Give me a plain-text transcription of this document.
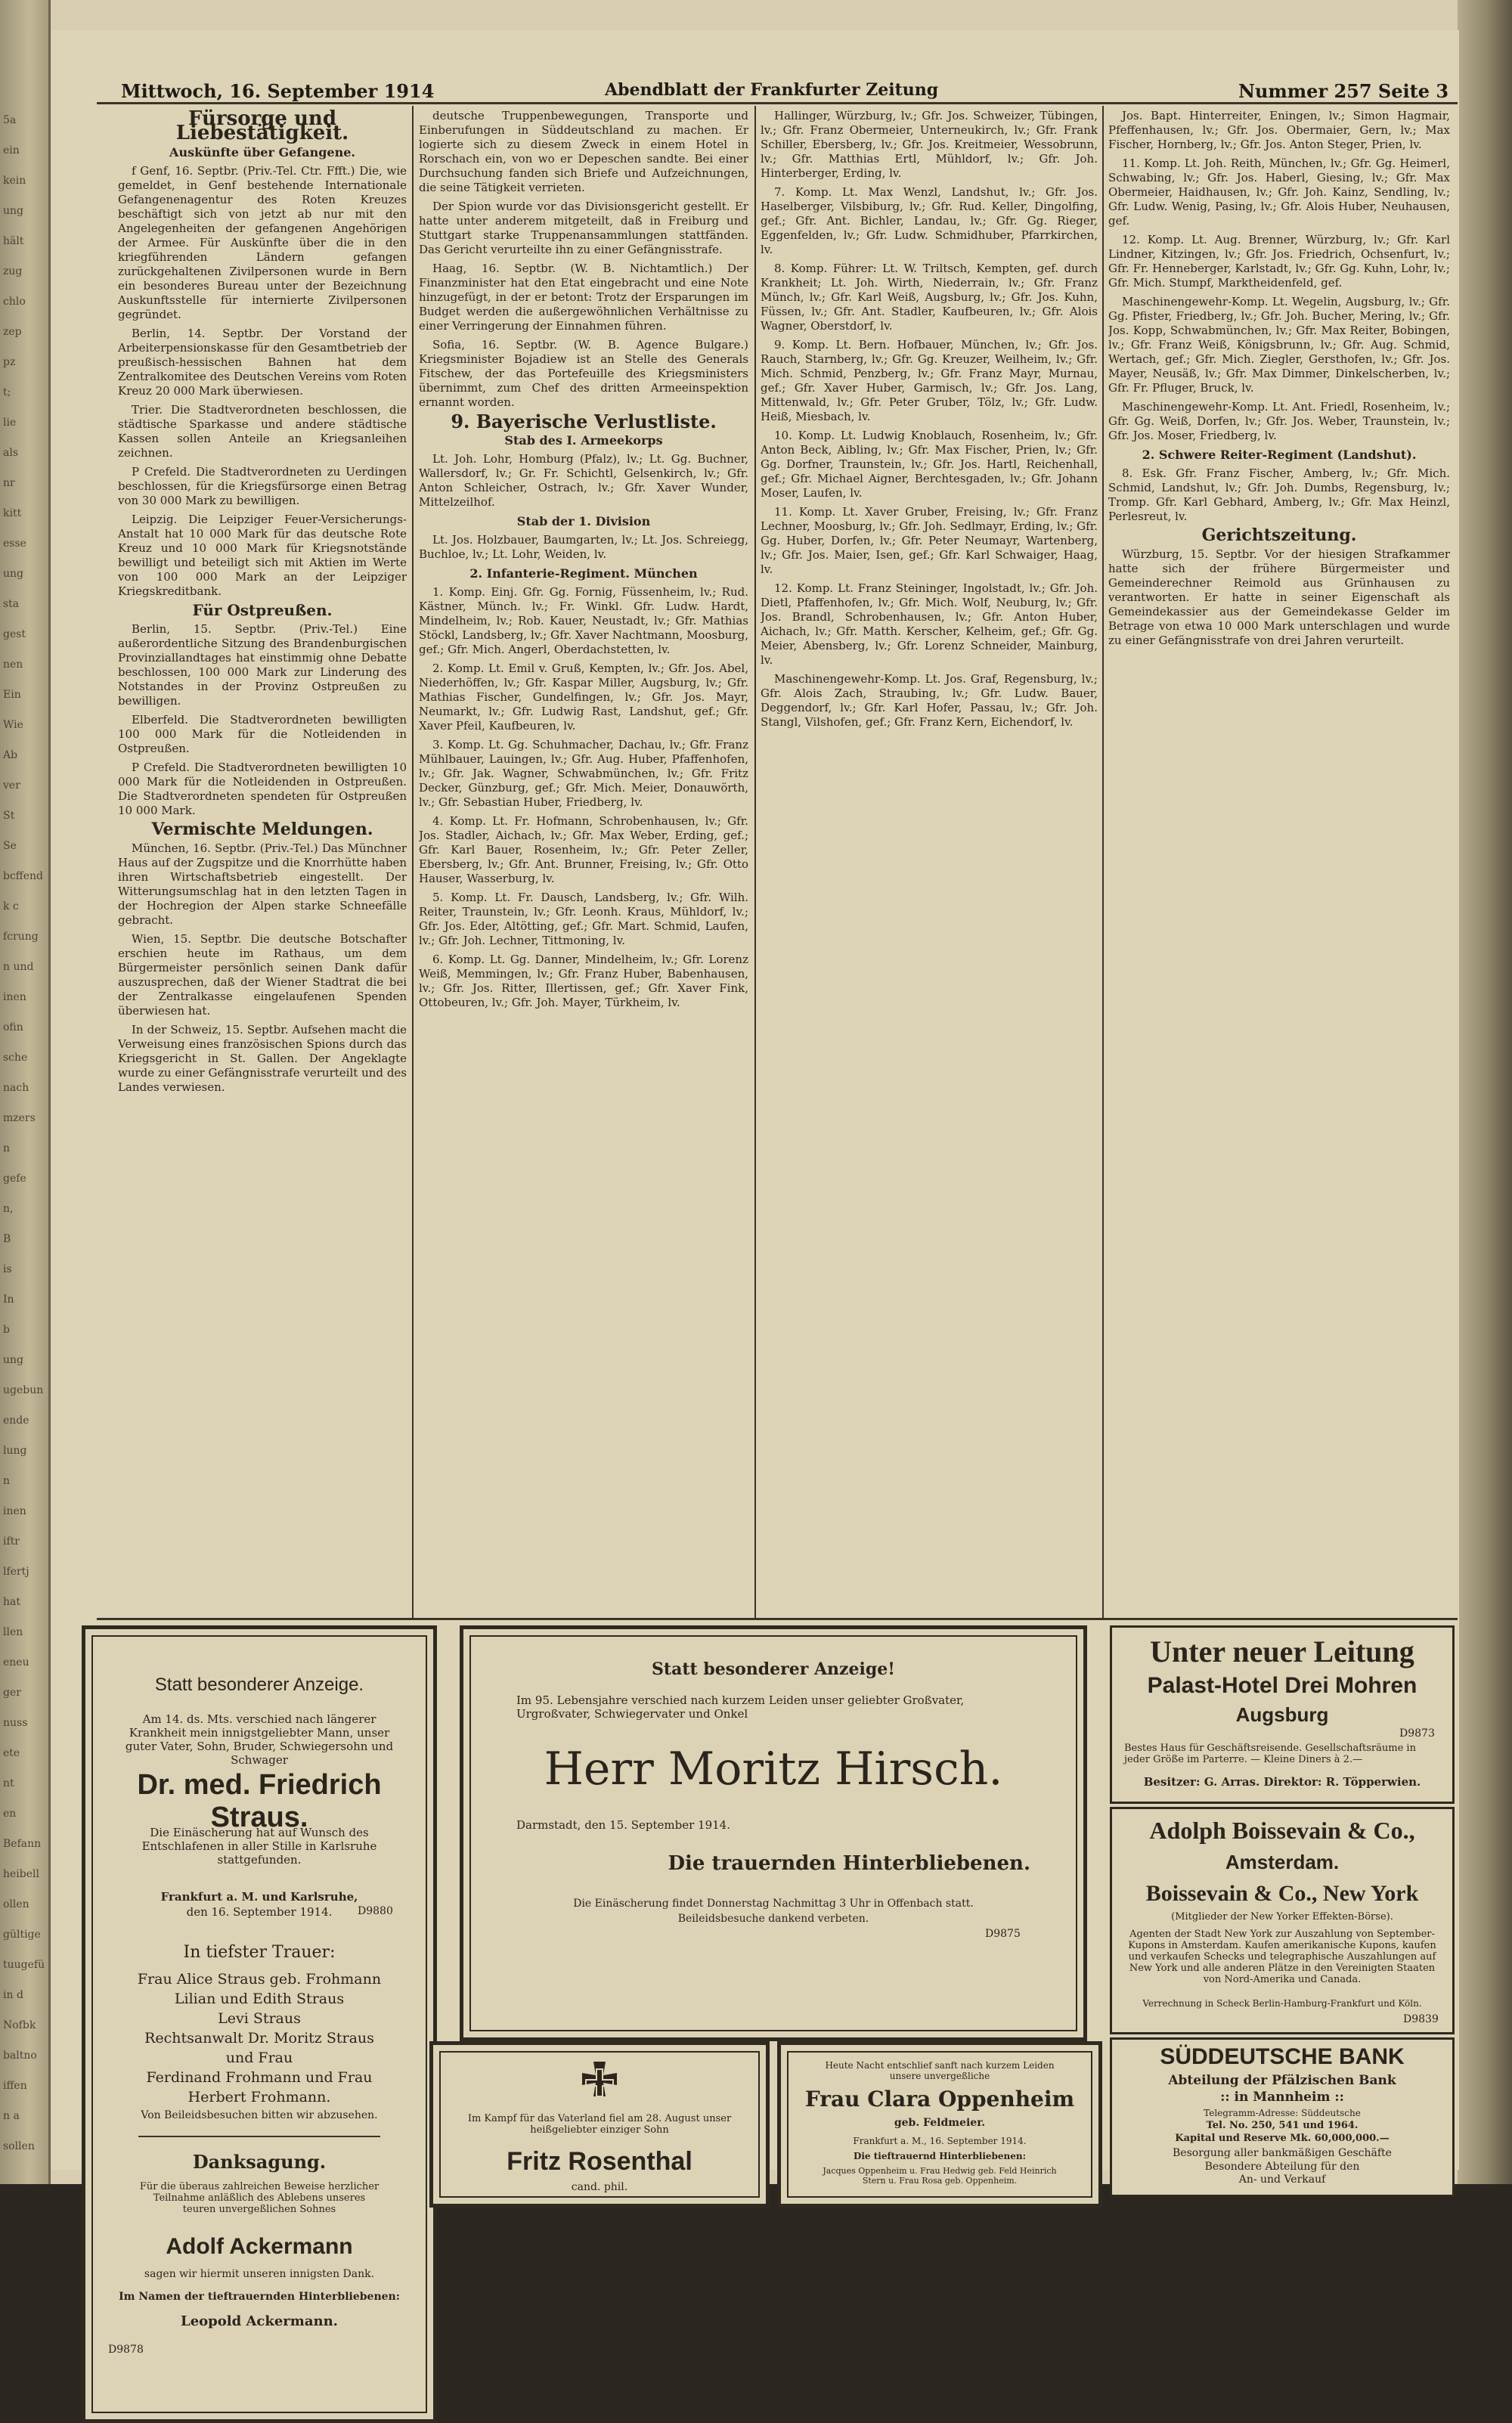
Mittwoch, 16. September 1914	Abendblatt der Frankfurter Zeitung	Nummer 257 Seite 3
Fürsorge und Liebestätigkeit.
Auskünfte über Gefangene.

f Genf, 16. Septbr. (Priv.-Tel. Ctr. Ffft.) Die, wie gemeldet, in Genf bestehende Internationale Gefangenenagentur des Roten Kreuzes beschäftigt sich von jetzt ab nur mit den Angelegenheiten der gefangenen Angehörigen der Armee. Für Auskünfte über die in den kriegführenden Ländern gefangen zurückgehaltenen Zivilpersonen wurde in Bern ein besonderes Bureau unter der Bezeichnung Auskunftsstelle für internierte Zivilpersonen gegründet.

Berlin, 14. Septbr. Der Vorstand der Arbeiterpensionskasse für den Gesamtbetrieb der preußisch-hessischen Bahnen hat dem Zentralkomitee des Deutschen Vereins vom Roten Kreuz 20 000 Mark überwiesen.

Trier. Die Stadtverordneten beschlossen, die städtische Sparkasse und andere städtische Kassen sollen Anteile an Kriegsanleihen zeichnen.

P Crefeld. Die Stadtverordneten zu Uerdingen beschlossen, für die Kriegsfürsorge einen Betrag von 30 000 Mark zu bewilligen.

Leipzig. Die Leipziger Feuer-Versicherungs-Anstalt hat 10 000 Mark für das deutsche Rote Kreuz und 10 000 Mark für Kriegsnotstände bewilligt und beteiligt sich mit Aktien im Werte von 100 000 Mark an der Leipziger Kriegskreditbank.

Für Ostpreußen.

Berlin, 15. Septbr. (Priv.-Tel.) Eine außerordentliche Sitzung des Brandenburgischen Provinziallandtages hat einstimmig ohne Debatte beschlossen, 100 000 Mark zur Linderung des Notstandes in der Provinz Ostpreußen zu bewilligen.

Elberfeld. Die Stadtverordneten bewilligten 100 000 Mark für die Notleidenden in Ostpreußen.

P Crefeld. Die Stadtverordneten bewilligten 10 000 Mark für die Notleidenden in Ostpreußen. Die Stadtverordneten spendeten für Ostpreußen 10 000 Mark.

Vermischte Meldungen.

München, 16. Septbr. (Priv.-Tel.) Das Münchner Haus auf der Zugspitze und die Knorrhütte haben ihren Wirtschaftsbetrieb eingestellt. Der Witterungsumschlag hat in den letzten Tagen in der Hochregion der Alpen starke Schneefälle gebracht.

Wien, 15. Septbr. Die deutsche Botschafter erschien heute im Rathaus, um dem Bürgermeister persönlich seinen Dank dafür auszusprechen, daß der Wiener Stadtrat die bei der Zentralkasse eingelaufenen Spenden überwiesen hat.

In der Schweiz, 15. Septbr. Aufsehen macht die Verweisung eines französischen Spions durch das Kriegsgericht in St. Gallen. Der Angeklagte wurde zu einer Gefängnisstrafe verurteilt und des Landes verwiesen.

deutsche Truppenbewegungen, Transporte und Einberufungen in Süddeutschland zu machen. Er logierte sich zu diesem Zweck in einem Hotel in Rorschach ein, von wo er Depeschen sandte. Bei einer Durchsuchung fanden sich Briefe und Aufzeichnungen, die seine Tätigkeit verrieten.

Der Spion wurde vor das Divisionsgericht gestellt. Er hatte unter anderem mitgeteilt, daß in Freiburg und Stuttgart starke Truppenansammlungen stattfänden. Das Gericht verurteilte ihn zu einer Gefängnisstrafe.

Haag, 16. Septbr. (W. B. Nichtamtlich.) Der Finanzminister hat den Etat eingebracht und eine Note hinzugefügt, in der er betont: Trotz der Ersparungen im Budget werden die außergewöhnlichen Verhältnisse zu einer Verringerung der Einnahmen führen.

Sofia, 16. Septbr. (W. B. Agence Bulgare.) Kriegsminister Bojadiew ist an Stelle des Generals Fitschew, der das Portefeuille des Kriegsministers übernimmt, zum Chef des dritten Armeeinspektion ernannt worden.

9. Bayerische Verlustliste.
Stab des I. Armeekorps

Lt. Joh. Lohr, Homburg (Pfalz), lv.; Lt. Gg. Buchner, Wallersdorf, lv.; Gr. Fr. Schichtl, Gelsenkirch, lv.; Gfr. Anton Schleicher, Ostrach, lv.; Gfr. Xaver Wunder, Mittelzeilhof.

Stab der 1. Division

Lt. Jos. Holzbauer, Baumgarten, lv.; Lt. Jos. Schreiegg, Buchloe, lv.; Lt. Lohr, Weiden, lv.

2. Infanterie-Regiment. München

1. Komp. Einj. Gfr. Gg. Fornig, Füssenheim, lv.; Rud. Kästner, Münch. lv.; Fr. Winkl. Gfr. Ludw. Hardt, Mindelheim, lv.; Rob. Kauer, Neustadt, lv.; Gfr. Mathias Stöckl, Landsberg, lv.; Gfr. Xaver Nachtmann, Moosburg, gef.; Gfr. Mich. Angerl, Oberdachstetten, lv.

2. Komp. Lt. Emil v. Gruß, Kempten, lv.; Gfr. Jos. Abel, Niederhöffen, lv.; Gfr. Kaspar Miller, Augsburg, lv.; Gfr. Mathias Fischer, Gundelfingen, lv.; Gfr. Jos. Mayr, Neumarkt, lv.; Gfr. Ludwig Rast, Landshut, gef.; Gfr. Xaver Pfeil, Kaufbeuren, lv.

3. Komp. Lt. Gg. Schuhmacher, Dachau, lv.; Gfr. Franz Mühlbauer, Lauingen, lv.; Gfr. Aug. Huber, Pfaffenhofen, lv.; Gfr. Jak. Wagner, Schwabmünchen, lv.; Gfr. Fritz Decker, Günzburg, gef.; Gfr. Mich. Meier, Donauwörth, lv.; Gfr. Sebastian Huber, Friedberg, lv.

4. Komp. Lt. Fr. Hofmann, Schrobenhausen, lv.; Gfr. Jos. Stadler, Aichach, lv.; Gfr. Max Weber, Erding, gef.; Gfr. Karl Bauer, Rosenheim, lv.; Gfr. Peter Zeller, Ebersberg, lv.; Gfr. Ant. Brunner, Freising, lv.; Gfr. Otto Hauser, Wasserburg, lv.

5. Komp. Lt. Fr. Dausch, Landsberg, lv.; Gfr. Wilh. Reiter, Traunstein, lv.; Gfr. Leonh. Kraus, Mühldorf, lv.; Gfr. Jos. Eder, Altötting, gef.; Gfr. Mart. Schmid, Laufen, lv.; Gfr. Joh. Lechner, Tittmoning, lv.

6. Komp. Lt. Gg. Danner, Mindelheim, lv.; Gfr. Lorenz Weiß, Memmingen, lv.; Gfr. Franz Huber, Babenhausen, lv.; Gfr. Jos. Ritter, Illertissen, gef.; Gfr. Xaver Fink, Ottobeuren, lv.; Gfr. Joh. Mayer, Türkheim, lv.

Hallinger, Würzburg, lv.; Gfr. Jos. Schweizer, Tübingen, lv.; Gfr. Franz Obermeier, Unterneukirch, lv.; Gfr. Frank Schiller, Ebersberg, lv.; Gfr. Jos. Kreitmeier, Wessobrunn, lv.; Gfr. Matthias Ertl, Mühldorf, lv.; Gfr. Joh. Hinterberger, Erding, lv.

7. Komp. Lt. Max Wenzl, Landshut, lv.; Gfr. Jos. Haselberger, Vilsbiburg, lv.; Gfr. Rud. Keller, Dingolfing, gef.; Gfr. Ant. Bichler, Landau, lv.; Gfr. Gg. Rieger, Eggenfelden, lv.; Gfr. Ludw. Schmidhuber, Pfarrkirchen, lv.

8. Komp. Führer: Lt. W. Triltsch, Kempten, gef. durch Krankheit; Lt. Joh. Wirth, Niederrain, lv.; Gfr. Franz Münch, lv.; Gfr. Karl Weiß, Augsburg, lv.; Gfr. Jos. Kuhn, Füssen, lv.; Gfr. Ant. Stadler, Kaufbeuren, lv.; Gfr. Alois Wagner, Oberstdorf, lv.

9. Komp. Lt. Bern. Hofbauer, München, lv.; Gfr. Jos. Rauch, Starnberg, lv.; Gfr. Gg. Kreuzer, Weilheim, lv.; Gfr. Mich. Schmid, Penzberg, lv.; Gfr. Franz Mayr, Murnau, gef.; Gfr. Xaver Huber, Garmisch, lv.; Gfr. Jos. Lang, Mittenwald, lv.; Gfr. Peter Gruber, Tölz, lv.; Gfr. Ludw. Heiß, Miesbach, lv.

10. Komp. Lt. Ludwig Knoblauch, Rosenheim, lv.; Gfr. Anton Beck, Aibling, lv.; Gfr. Max Fischer, Prien, lv.; Gfr. Gg. Dorfner, Traunstein, lv.; Gfr. Jos. Hartl, Reichenhall, gef.; Gfr. Michael Aigner, Berchtesgaden, lv.; Gfr. Johann Moser, Laufen, lv.

11. Komp. Lt. Xaver Gruber, Freising, lv.; Gfr. Franz Lechner, Moosburg, lv.; Gfr. Joh. Sedlmayr, Erding, lv.; Gfr. Gg. Huber, Dorfen, lv.; Gfr. Peter Neumayr, Wartenberg, lv.; Gfr. Jos. Maier, Isen, gef.; Gfr. Karl Schwaiger, Haag, lv.

12. Komp. Lt. Franz Steininger, Ingolstadt, lv.; Gfr. Joh. Dietl, Pfaffenhofen, lv.; Gfr. Mich. Wolf, Neuburg, lv.; Gfr. Jos. Brandl, Schrobenhausen, lv.; Gfr. Anton Huber, Aichach, lv.; Gfr. Matth. Kerscher, Kelheim, gef.; Gfr. Gg. Meier, Abensberg, lv.; Gfr. Lorenz Schneider, Mainburg, lv.

Maschinengewehr-Komp. Lt. Jos. Graf, Regensburg, lv.; Gfr. Alois Zach, Straubing, lv.; Gfr. Ludw. Bauer, Deggendorf, lv.; Gfr. Karl Hofer, Passau, lv.; Gfr. Joh. Stangl, Vilshofen, gef.; Gfr. Franz Kern, Eichendorf, lv.

Jos. Bapt. Hinterreiter, Eningen, lv.; Simon Hagmair, Pfeffenhausen, lv.; Gfr. Jos. Obermaier, Gern, lv.; Max Fischer, Hornberg, lv.; Gfr. Jos. Anton Steger, Prien, lv.

11. Komp. Lt. Joh. Reith, München, lv.; Gfr. Gg. Heimerl, Schwabing, lv.; Gfr. Jos. Haberl, Giesing, lv.; Gfr. Max Obermeier, Haidhausen, lv.; Gfr. Joh. Kainz, Sendling, lv.; Gfr. Ludw. Wenig, Pasing, lv.; Gfr. Alois Huber, Neuhausen, gef.

12. Komp. Lt. Aug. Brenner, Würzburg, lv.; Gfr. Karl Lindner, Kitzingen, lv.; Gfr. Jos. Friedrich, Ochsenfurt, lv.; Gfr. Fr. Henneberger, Karlstadt, lv.; Gfr. Gg. Kuhn, Lohr, lv.; Gfr. Mich. Stumpf, Marktheidenfeld, gef.

Maschinengewehr-Komp. Lt. Wegelin, Augsburg, lv.; Gfr. Gg. Pfister, Friedberg, lv.; Gfr. Joh. Bucher, Mering, lv.; Gfr. Jos. Kopp, Schwabmünchen, lv.; Gfr. Max Reiter, Bobingen, lv.; Gfr. Franz Weiß, Königsbrunn, lv.; Gfr. Aug. Schmid, Wertach, gef.; Gfr. Mich. Ziegler, Gersthofen, lv.; Gfr. Jos. Mayer, Neusäß, lv.; Gfr. Max Dimmer, Dinkelscherben, lv.; Gfr. Fr. Pfluger, Bruck, lv.

Maschinengewehr-Komp. Lt. Ant. Friedl, Rosenheim, lv.; Gfr. Gg. Weiß, Dorfen, lv.; Gfr. Jos. Weber, Traunstein, lv.; Gfr. Jos. Moser, Friedberg, lv.

2. Schwere Reiter-Regiment (Landshut).

8. Esk. Gfr. Franz Fischer, Amberg, lv.; Gfr. Mich. Schmid, Landshut, lv.; Gfr. Joh. Dumbs, Regensburg, lv.; Tromp. Gfr. Karl Gebhard, Amberg, lv.; Gfr. Max Heinzl, Perlesreut, lv.

Gerichtszeitung.

Würzburg, 15. Septbr. Vor der hiesigen Strafkammer hatte sich der frühere Bürgermeister und Gemeinderechner Reimold aus Grünhausen zu verantworten. Er hatte in seiner Eigenschaft als Gemeindekassier aus der Gemeindekasse Gelder im Betrage von etwa 10 000 Mark unterschlagen und wurde zu einer Gefängnisstrafe von drei Jahren verurteilt.

Statt besonderer Anzeige.
Am 14. ds. Mts. verschied nach längerer Krankheit mein innigstgeliebter Mann, unser guter Vater, Sohn, Bruder, Schwiegersohn und Schwager
Dr. med. Friedrich Straus.
Die Einäscherung hat auf Wunsch des Entschlafenen in aller Stille in Karlsruhe stattgefunden.
Frankfurt a. M. und Karlsruhe,
den 16. September 1914.	D9880
In tiefster Trauer:
Frau Alice Straus geb. Frohmann
Lilian und Edith Straus
Levi Straus
Rechtsanwalt Dr. Moritz Straus
und Frau
Ferdinand Frohmann und Frau
Herbert Frohmann.
Von Beileidsbesuchen bitten wir abzusehen.
Danksagung.
Für die überaus zahlreichen Beweise herzlicher Teilnahme anläßlich des Ablebens unseres teuren unvergeßlichen Sohnes
Adolf Ackermann
sagen wir hiermit unseren innigsten Dank.
Im Namen der tieftrauernden Hinterbliebenen:
Leopold Ackermann.
D9878
Statt besonderer Anzeige!
Im 95. Lebensjahre verschied nach kurzem Leiden unser geliebter Großvater, Urgroßvater, Schwiegervater und Onkel
Herr Moritz Hirsch.
Darmstadt, den 15. September 1914.
Die trauernden Hinterbliebenen.
Die Einäscherung findet Donnerstag Nachmittag 3 Uhr in Offenbach statt.
Beileidsbesuche dankend verbeten.
D9875
Im Kampf für das Vaterland fiel am 28. August unser heißgeliebter einziger Sohn
Fritz Rosenthal
cand. phil.
Heute Nacht entschlief sanft nach kurzem Leiden unsere unvergeßliche
Frau Clara Oppenheim
geb. Feldmeier.
Frankfurt a. M., 16. September 1914.
Die tieftrauernd Hinterbliebenen:
Jacques Oppenheim u. Frau Hedwig geb. Feld Heinrich Stern u. Frau Rosa geb. Oppenheim.
Unter neuer Leitung
Palast-Hotel Drei Mohren
Augsburg
D9873
Bestes Haus für Geschäftsreisende. Gesellschaftsräume in jeder Größe im Parterre. — Kleine Diners à 2.—
Besitzer: G. Arras. Direktor: R. Töpperwien.
Adolph Boissevain & Co.,
Amsterdam.
Boissevain & Co., New York
(Mitglieder der New Yorker Effekten-Börse).
Agenten der Stadt New York zur Auszahlung von September-Kupons in Amsterdam. Kaufen amerikanische Kupons, kaufen und verkaufen Schecks und telegraphische Auszahlungen auf New York und alle anderen Plätze in den Vereinigten Staaten von Nord-Amerika und Canada.
Verrechnung in Scheck Berlin-Hamburg-Frankfurt und Köln.
D9839
SÜDDEUTSCHE BANK
Abteilung der Pfälzischen Bank
:: in Mannheim ::
Telegramm-Adresse: Süddeutsche
Tel. No. 250, 541 und 1964.
Kapital und Reserve Mk. 60,000,000.—
Besorgung aller bankmäßigen Geschäfte
Besondere Abteilung für den
An- und Verkauf
5a
ein
kein
ung
hält
zug
chlo
zep
pz
t;
lie
als
nr
kitt
esse
ung
sta
gest
nen
Ein
Wie
Ab
ver
St
Se
bcffend
k c
fcrung
n und
inen
ofin
sche
nach
mzers
n
gefe
n,
B
is
In
b
ung
ugebun
ende
lung
n
inen
iftr
lfertj
hat
llen
eneu
ger
nuss
ete
nt
en
Befann
heibell
ollen
gültige
tuugefü
in d
Nofbk
baltno
iffen
n a
sollen
